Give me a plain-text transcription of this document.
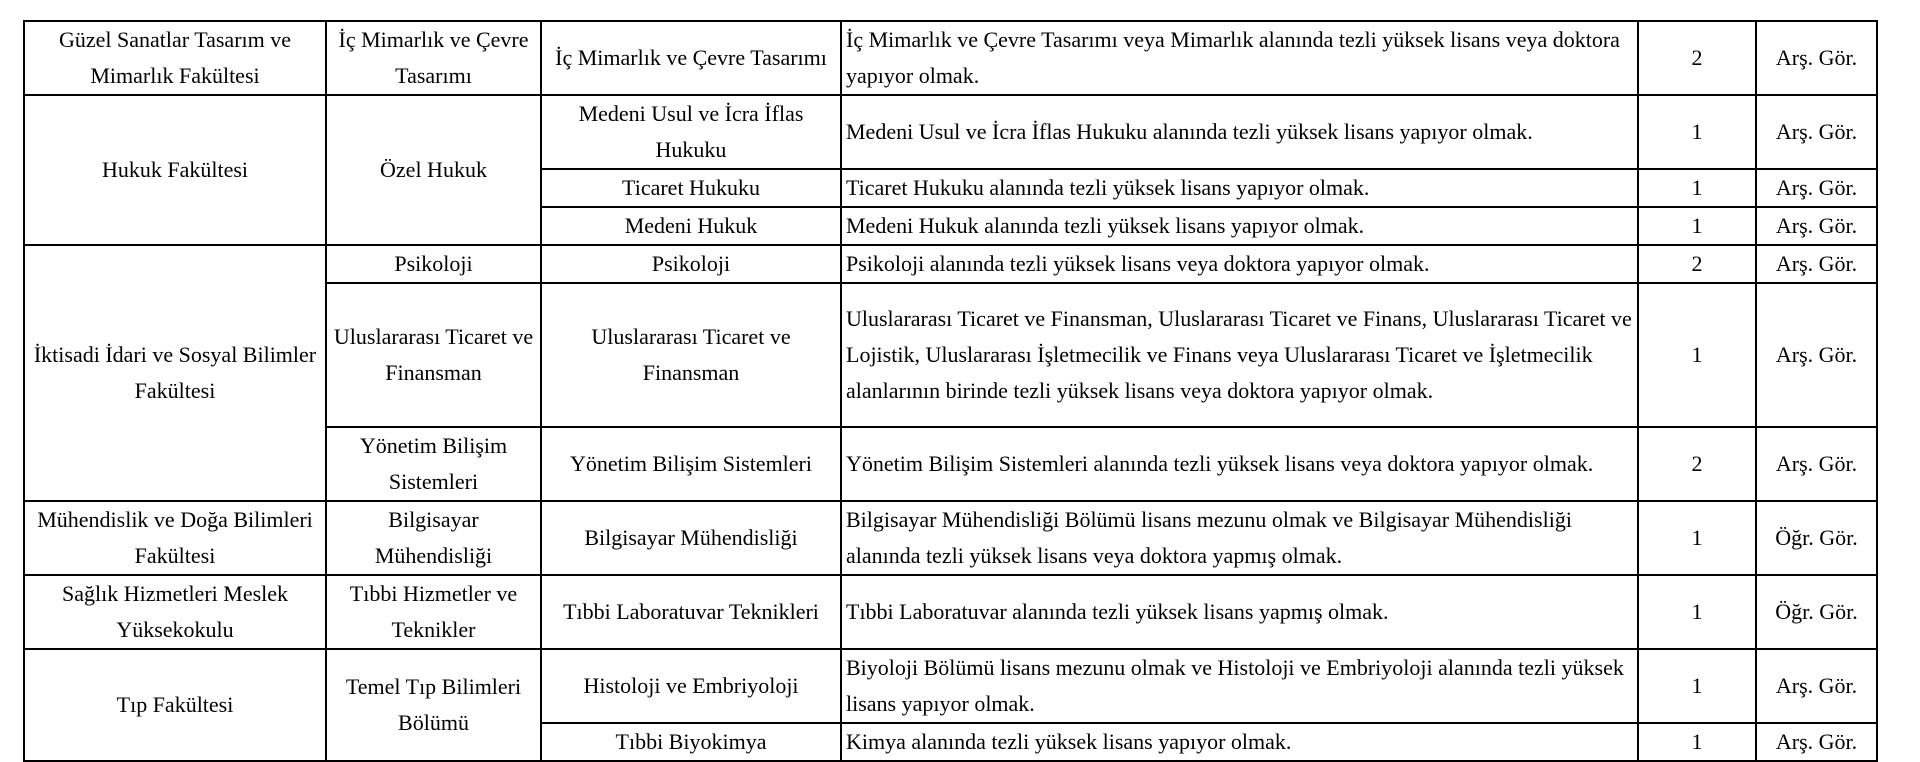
Güzel Sanatlar Tasarım ve Mimarlık Fakültesi	İç Mimarlık ve Çevre Tasarımı	İç Mimarlık ve Çevre Tasarımı	İç Mimarlık ve Çevre Tasarımı veya Mimarlık alanında tezli yüksek lisans veya doktora yapıyor olmak.	2	Arş. Gör.
Hukuk Fakültesi	Özel Hukuk	Medeni Usul ve İcra İflas Hukuku	Medeni Usul ve İcra İflas Hukuku alanında tezli yüksek lisans yapıyor olmak.	1	Arş. Gör.
		Ticaret Hukuku	Ticaret Hukuku alanında tezli yüksek lisans yapıyor olmak.	1	Arş. Gör.
		Medeni Hukuk	Medeni Hukuk alanında tezli yüksek lisans yapıyor olmak.	1	Arş. Gör.
İktisadi İdari ve Sosyal Bilimler Fakültesi	Psikoloji	Psikoloji	Psikoloji alanında tezli yüksek lisans veya doktora yapıyor olmak.	2	Arş. Gör.
	Uluslararası Ticaret ve Finansman	Uluslararası Ticaret ve Finansman	Uluslararası Ticaret ve Finansman, Uluslararası Ticaret ve Finans, Uluslararası Ticaret ve Lojistik, Uluslararası İşletmecilik ve Finans veya Uluslararası Ticaret ve İşletmecilik alanlarının birinde tezli yüksek lisans veya doktora yapıyor olmak.	1	Arş. Gör.
	Yönetim Bilişim Sistemleri	Yönetim Bilişim Sistemleri	Yönetim Bilişim Sistemleri alanında tezli yüksek lisans veya doktora yapıyor olmak.	2	Arş. Gör.
Mühendislik ve Doğa Bilimleri Fakültesi	Bilgisayar Mühendisliği	Bilgisayar Mühendisliği	Bilgisayar Mühendisliği Bölümü lisans mezunu olmak ve Bilgisayar Mühendisliği alanında tezli yüksek lisans veya doktora yapmış olmak.	1	Öğr. Gör.
Sağlık Hizmetleri Meslek Yüksekokulu	Tıbbi Hizmetler ve Teknikler	Tıbbi Laboratuvar Teknikleri	Tıbbi Laboratuvar alanında tezli yüksek lisans yapmış olmak.	1	Öğr. Gör.
Tıp Fakültesi	Temel Tıp Bilimleri Bölümü	Histoloji ve Embriyoloji	Biyoloji Bölümü lisans mezunu olmak ve Histoloji ve Embriyoloji alanında tezli yüksek lisans yapıyor olmak.	1	Arş. Gör.
		Tıbbi Biyokimya	Kimya alanında tezli yüksek lisans yapıyor olmak.	1	Arş. Gör.
